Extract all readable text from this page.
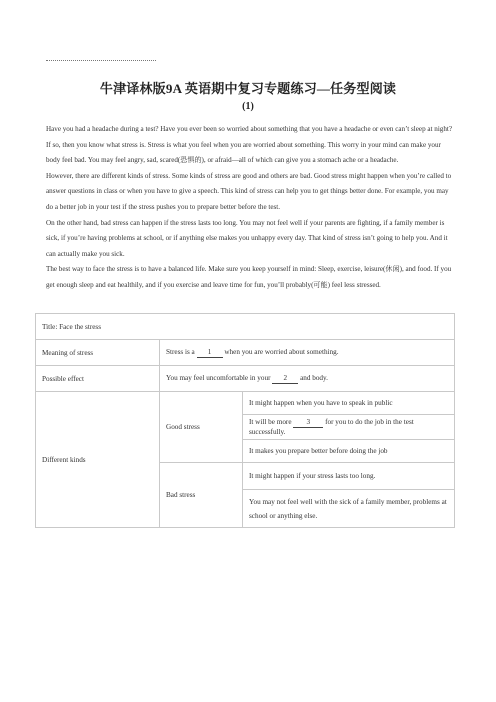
牛津译林版9A 英语期中复习专题练习—任务型阅读
(1)

Have you had a headache during a test? Have you ever been so worried about something that you have a headache or even can’t sleep at night? If so, then you know what stress is. Stress is what you feel when you are worried about something. This worry in your mind can make your body feel bad. You may feel angry, sad, scared(恐惧的), or afraid—all of which can give you a stomach ache or a headache.

However, there are different kinds of stress. Some kinds of stress are good and others are bad. Good stress might happen when you’re called to answer questions in class or when you have to give a speech. This kind of stress can help you to get things better done. For example, you may do a better job in your test if the stress pushes you to prepare better before the test.

On the other hand, bad stress can happen if the stress lasts too long. You may not feel well if your parents are fighting, if a family member is sick, if you’re having problems at school, or if anything else makes you unhappy every day. That kind of stress isn’t going to help you. And it can actually make you sick.

The best way to face the stress is to have a balanced life. Make sure you keep yourself in mind: Sleep, exercise, leisure(休闲), and food. If you get enough sleep and eat healthily, and if you exercise and leave time for fun, you’ll probably(可能) feel less stressed.

Title: Face the stress		
Meaning of stress	Stress is a 1 when you are worried about something.	
Possible effect	You may feel uncomfortable in your 2 and body.	
Different kinds	Good stress	It might happen when you have to speak in public
		It will be more 3 for you to do the job in the test successfully.
		It makes you prepare better before doing the job
	Bad stress	It might happen if your stress lasts too long.
		You may not feel well with the sick of a family member, problems at school or anything else.
